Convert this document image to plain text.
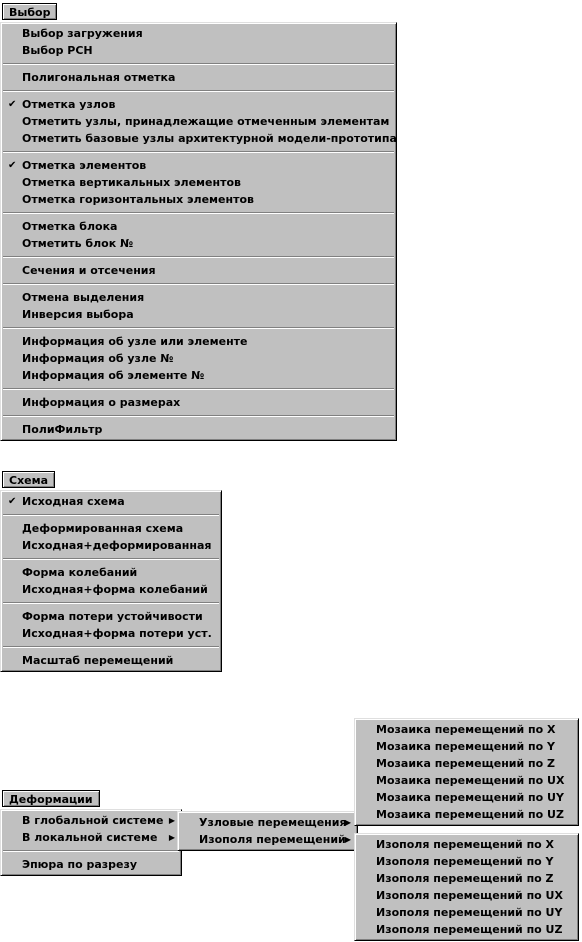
Выбор
Выбор загружения
Выбор РСН
Полигональная отметка
✔ Отметка узлов
Отметить узлы, принадлежащие отмеченным элементам
Отметить базовые узлы архитектурной модели-прототипа
✔ Отметка элементов
Отметка вертикальных элементов
Отметка горизонтальных элементов
Отметка блока
Отметить блок №
Сечения и отсечения
Отмена выделения
Инверсия выбора
Информация об узле или элементе
Информация об узле №
Информация об элементе №
Информация о размерах
ПолиФильтр
Схема
✔ Исходная схема
Деформированная схема
Исходная+деформированная
Форма колебаний
Исходная+форма колебаний
Форма потери устойчивости
Исходная+форма потери уст.
Масштаб перемещений
Деформации
В глобальной системе ▶
В локальной системе ▶
Эпюра по разрезу
Узловые перемещения
▶
Изополя перемещений ▶
Мозаика перемещений по X
Мозаика перемещений по Y
Мозаика перемещений по Z
Мозаика перемещений по UX
Мозаика перемещений по UY
Мозаика перемещений по UZ
Изополя перемещений по X
Изополя перемещений по Y
Изополя перемещений по Z
Изополя перемещений по UX
Изополя перемещений по UY
Изополя перемещений по UZ
